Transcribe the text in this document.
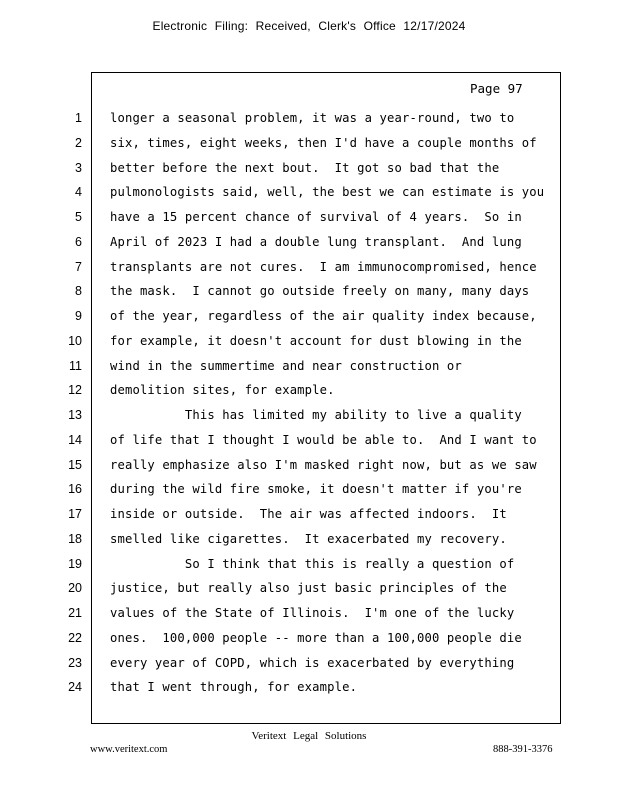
Electronic Filing: Received, Clerk's Office 12/17/2024
Page 97
1 longer a seasonal problem, it was a year-round, two to
2 six, times, eight weeks, then I'd have a couple months of
3 better before the next bout.  It got so bad that the
4 pulmonologists said, well, the best we can estimate is you
5 have a 15 percent chance of survival of 4 years.  So in
6 April of 2023 I had a double lung transplant.  And lung
7 transplants are not cures.  I am immunocompromised, hence
8 the mask.  I cannot go outside freely on many, many days
9 of the year, regardless of the air quality index because,
10 for example, it doesn't account for dust blowing in the
11 wind in the summertime and near construction or
12 demolition sites, for example.
13 This has limited my ability to live a quality
14 of life that I thought I would be able to.  And I want to
15 really emphasize also I'm masked right now, but as we saw
16 during the wild fire smoke, it doesn't matter if you're
17 inside or outside.  The air was affected indoors.  It
18 smelled like cigarettes.  It exacerbated my recovery.
19 So I think that this is really a question of
20 justice, but really also just basic principles of the
21 values of the State of Illinois.  I'm one of the lucky
22 ones.  100,000 people -- more than a 100,000 people die
23 every year of COPD, which is exacerbated by everything
24 that I went through, for example.
Veritext Legal Solutions
www.veritext.com	888-391-3376
